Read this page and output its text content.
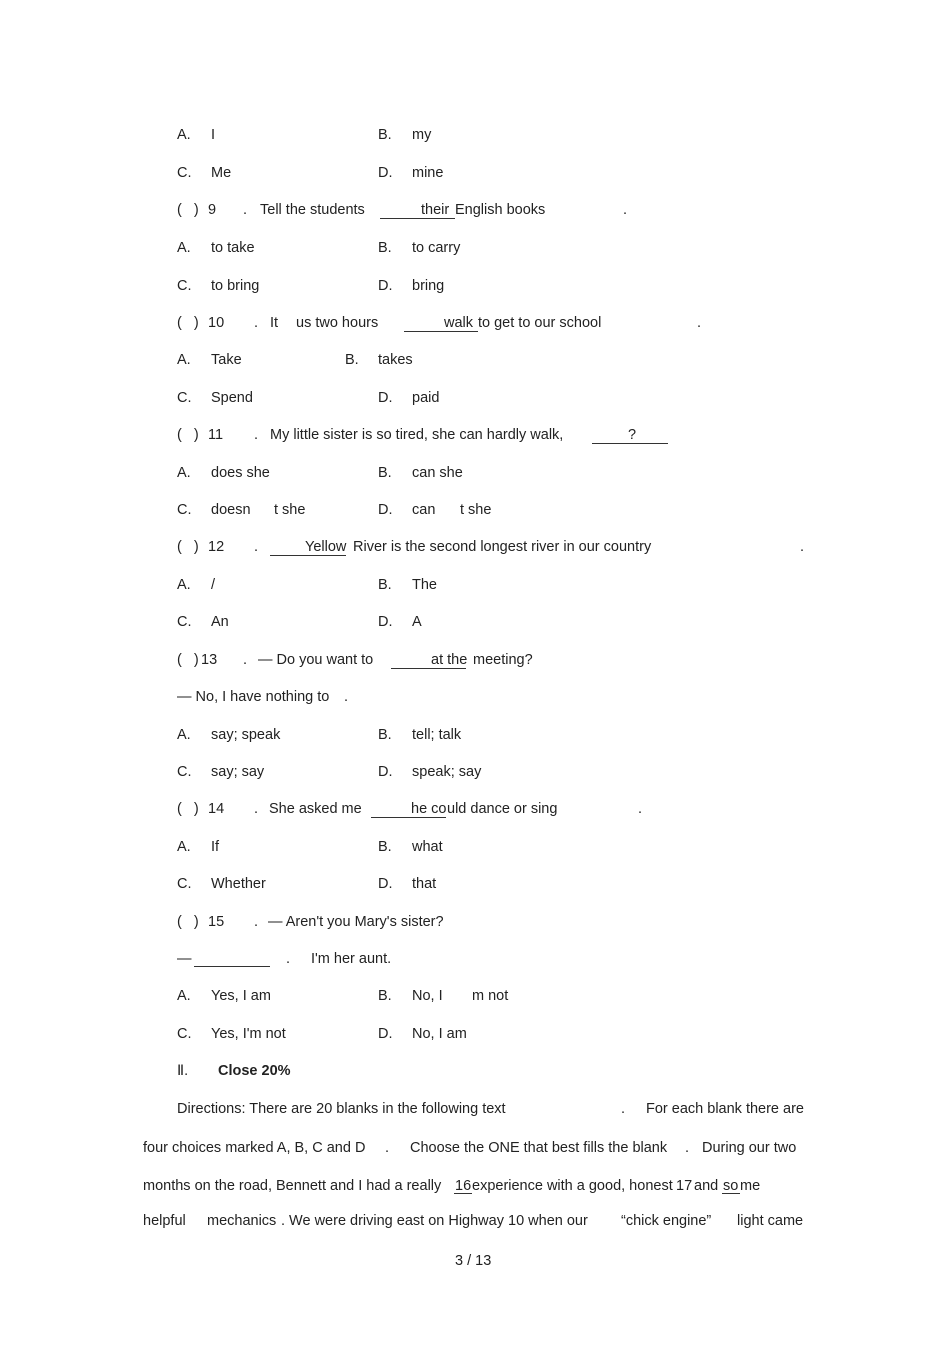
A. I	B. my
C. Me	D. mine
(   ) 9 . Tell the students	their English books	.
A. to take	B. to carry
C. to bring	D. bring
(   ) 10 . It us two hours	walk to get to our school	.
A. Take	B. takes
C. Spend	D. paid
(   ) 11 . My little sister is so tired, she can hardly walk,	?
A. does she	B. can she
C. doesn t she	D. can t she
(   ) 12 .	Yellow River is the second longest river in our country	.
A. /	B. The
C. An	D. A
(   ) 13 . — Do you want to	at the meeting?
— No, I have nothing to .
A. say; speak	B. tell; talk
C. say; say	D. speak; say
(   ) 14 . She asked me	he co uld dance or sing	.
A. If	B. what
C. Whether	D. that
(   ) 15 . — Aren't you Mary's sister?
—	. I'm her aunt.
A. Yes, I am	B. No, I m not
C. Yes, I'm not	D. No, I am
Ⅱ. Close 20%
Directions: There are 20 blanks in the following text	. For each blank there are
four choices marked A, B, C and D . Choose the ONE that best fills the blank . During our two
months on the road, Bennett and I had a really 16 experience with a good, honest 17 and so me
helpful mechanics . We were driving east on Highway 10 when our “chick engine” light came
3 / 13
